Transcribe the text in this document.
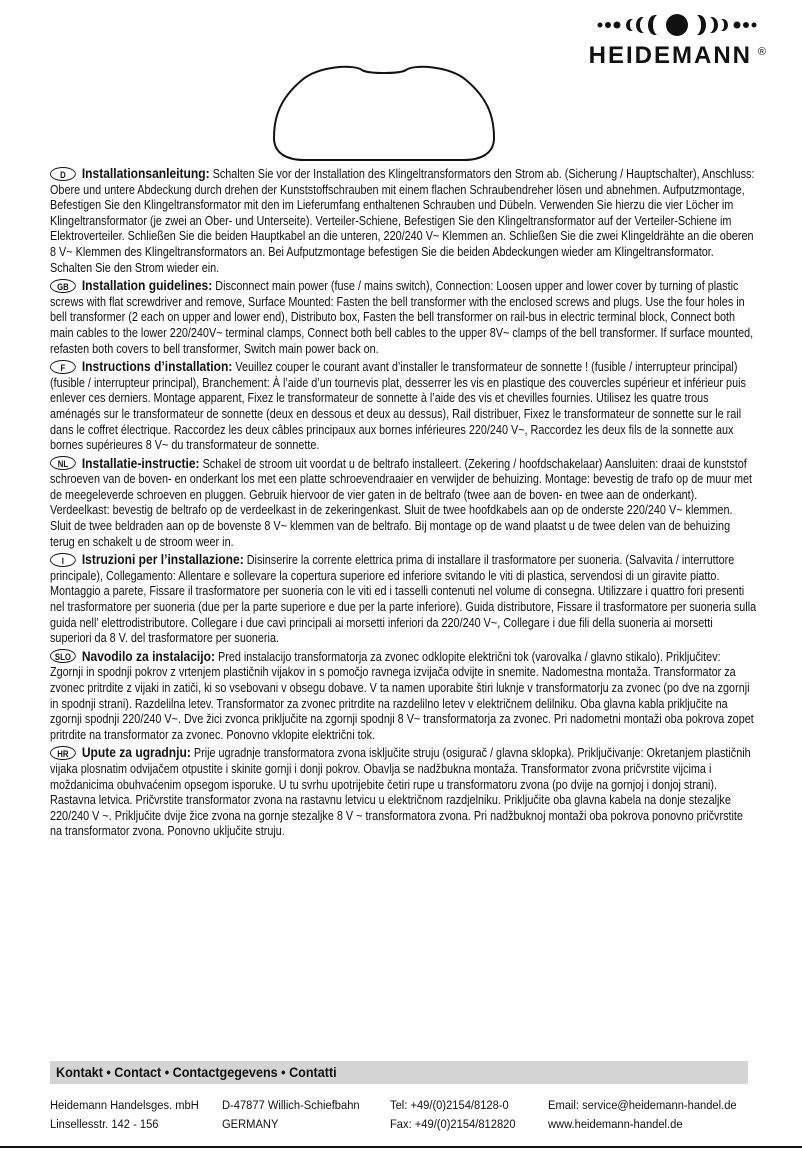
HEIDEMANN ®

D Installationsanleitung: Schalten Sie vor der Installation des Klingeltransformators den Strom ab. (Sicherung / Hauptschalter), Anschluss: Obere und untere Abdeckung durch drehen der Kunststoffschrauben mit einem flachen Schraubendreher lösen und abnehmen. Aufputzmontage, Befestigen Sie den Klingeltransformator mit den im Lieferumfang enthaltenen Schrauben und Dübeln. Verwenden Sie hierzu die vier Löcher im Klingeltransformator (je zwei an Ober- und Unterseite). Verteiler-Schiene, Befestigen Sie den Klingeltransformator auf der Verteiler-Schiene im Elektroverteiler. Schließen Sie die beiden Hauptkabel an die unteren, 220/240 V~ Klemmen an. Schließen Sie die zwei Klingeldrähte an die oberen 8 V~ Klemmen des Klingeltransformators an. Bei Aufputzmontage befestigen Sie die beiden Abdeckungen wieder am Klingeltransformator. Schalten Sie den Strom wieder ein.

GB Installation guidelines: Disconnect main power (fuse / mains switch), Connection: Loosen upper and lower cover by turning of plastic screws with flat screwdriver and remove, Surface Mounted: Fasten the bell transformer with the enclosed screws and plugs. Use the four holes in bell transformer (2 each on upper and lower end), Distributo box, Fasten the bell transformer on rail-bus in electric terminal block, Connect both main cables to the lower 220/240V~ terminal clamps, Connect both bell cables to the upper 8V~ clamps of the bell transformer. If surface mounted, refasten both covers to bell transformer, Switch main power back on.

F Instructions d’installation: Veuillez couper le courant avant d’installer le transformateur de sonnette ! (fusible / interrupteur principal) (fusible / interrupteur principal), Branchement: À l’aide d’un tournevis plat, desserrer les vis en plastique des couvercles supérieur et inférieur puis enlever ces derniers. Montage apparent, Fixez le transformateur de sonnette à l’aide des vis et chevilles fournies. Utilisez les quatre trous aménagés sur le transformateur de sonnette (deux en dessous et deux au dessus), Rail distribuer, Fixez le transformateur de sonnette sur le rail dans le coffret électrique. Raccordez les deux câbles principaux aux bornes inférieures 220/240 V~, Raccordez les deux fils de la sonnette aux bornes supérieures 8 V~ du transformateur de sonnette.

NL Installatie-instructie: Schakel de stroom uit voordat u de beltrafo installeert. (Zekering / hoofdschakelaar) Aansluiten: draai de kunststof schroeven van de boven- en onderkant los met een platte schroevendraaier en verwijder de behuizing. Montage: bevestig de trafo op de muur met de meegeleverde schroeven en pluggen. Gebruik hiervoor de vier gaten in de beltrafo (twee aan de boven- en twee aan de onderkant). Verdeelkast: bevestig de beltrafo op de verdeelkast in de zekeringenkast. Sluit de twee hoofdkabels aan op de onderste 220/240 V~ klemmen. Sluit de twee beldraden aan op de bovenste 8 V~ klemmen van de beltrafo. Bij montage op de wand plaatst u de twee delen van de behuizing terug en schakelt u de stroom weer in.

I Istruzioni per l’installazione: Disinserire la corrente elettrica prima di installare il trasformatore per suoneria. (Salvavita / interruttore principale), Collegamento: Allentare e sollevare la copertura superiore ed inferiore svitando le viti di plastica, servendosi di un giravite piatto. Montaggio a parete, Fissare il trasformatore per suoneria con le viti ed i tasselli contenuti nel volume di consegna. Utilizzare i quattro fori presenti nel trasformatore per suoneria (due per la parte superiore e due per la parte inferiore). Guida distributore, Fissare il trasformatore per suoneria sulla guida nell’ elettrodistributore. Collegare i due cavi principali ai morsetti inferiori da 220/240 V~, Collegare i due fili della suoneria ai morsetti superiori da 8 V. del trasformatore per suoneria.

SLO Navodilo za instalacijo: Pred instalacijo transformatorja za zvonec odklopite električni tok (varovalka / glavno stikalo). Priključitev: Zgornji in spodnji pokrov z vrtenjem plastičnih vijakov in s pomočjo ravnega izvijača odvijte in snemite. Nadomestna montaža. Transformator za zvonec pritrdite z vijaki in zatiči, ki so vsebovani v obsegu dobave. V ta namen uporabite štiri luknje v transformatorju za zvonec (po dve na zgornji in spodnji strani). Razdelilna letev. Transformator za zvonec pritrdite na razdelilno letev v električnem delilniku. Oba glavna kabla priključite na zgornji spodnji 220/240 V~. Dve žici zvonca priključite na zgornji spodnji 8 V~ transformatorja za zvonec. Pri nadometni montaži oba pokrova zopet pritrdite na transformator za zvonec. Ponovno vklopite električni tok.

HR Upute za ugradnju: Prije ugradnje transformatora zvona isključite struju (osigurač / glavna sklopka). Priključivanje: Okretanjem plastičnih vijaka plosnatim odvijačem otpustite i skinite gornji i donji pokrov. Obavlja se nadžbukna montaža. Transformator zvona pričvrstite vijcima i moždanicima obuhvaćenim opsegom isporuke. U tu svrhu upotrijebite četiri rupe u transformatoru zvona (po dvije na gornjoj i donjoj strani). Rastavna letvica. Pričvrstite transformator zvona na rastavnu letvicu u električnom razdjelniku. Priključite oba glavna kabela na donje stezaljke 220/240 V ~. Priključite dvije žice zvona na gornje stezaljke 8 V ~ transformatora zvona. Pri nadžbuknoj montaži oba pokrova ponovno pričvrstite na transformator zvona. Ponovno uključite struju.

Kontakt • Contact • Contactgegevens • Contatti
Heidemann Handelsges. mbH
Linsellesstr. 142 - 156
D-47877 Willich-Schiefbahn
GERMANY
Tel: +49/(0)2154/8128-0
Fax: +49/(0)2154/812820
Email: service@heidemann-handel.de
www.heidemann-handel.de
